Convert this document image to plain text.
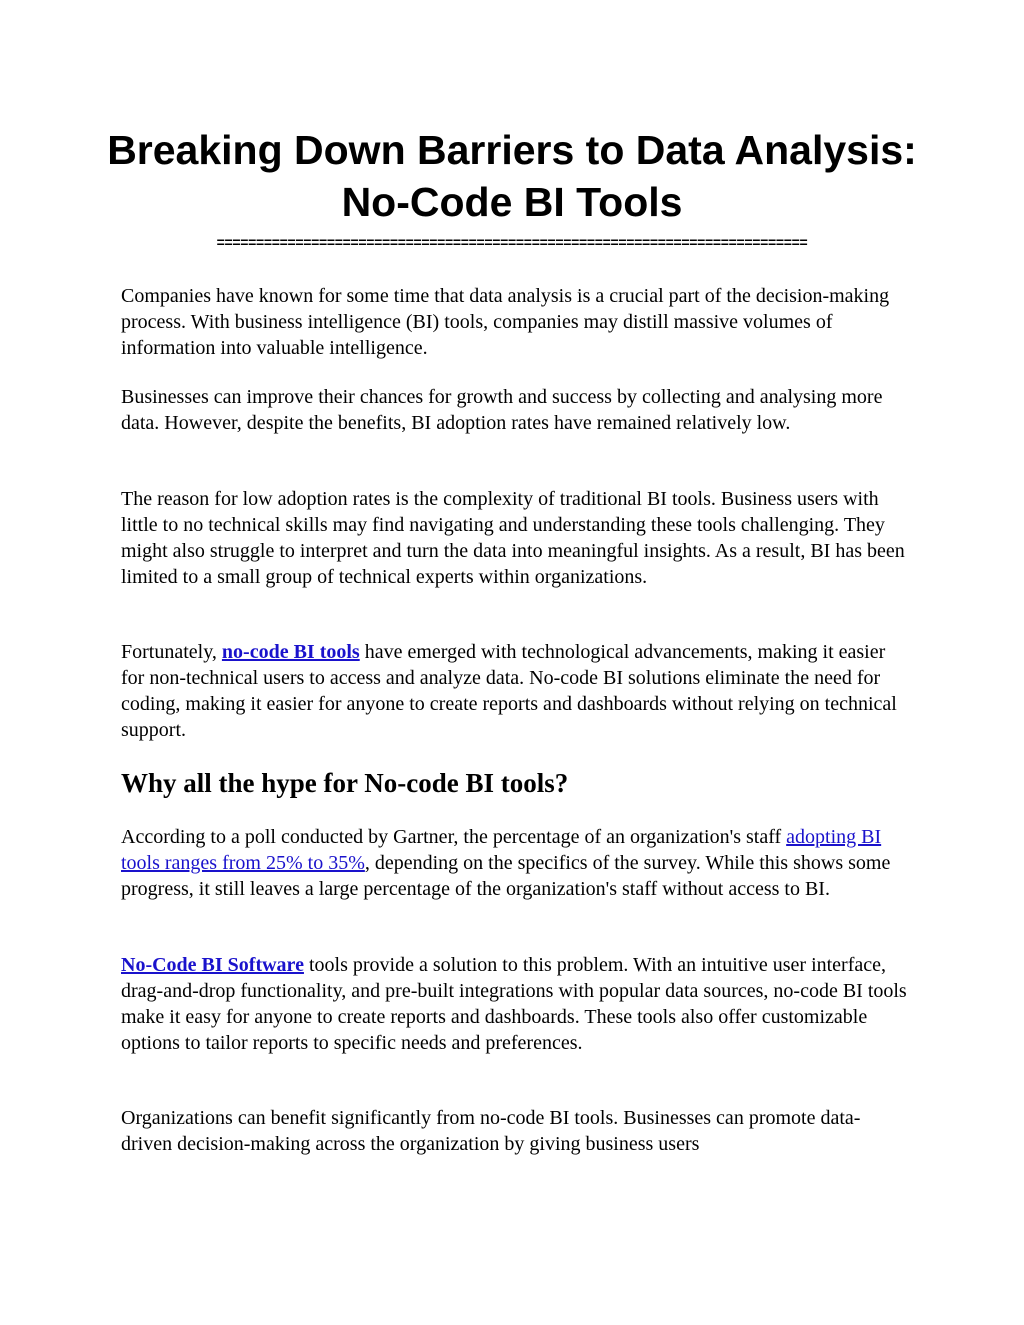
Breaking Down Barriers to Data Analysis: No-Code BI Tools
===========================================================================

Companies have known for some time that data analysis is a crucial part of the decision-making process. With business intelligence (BI) tools, companies may distill massive volumes of information into valuable intelligence.

Businesses can improve their chances for growth and success by collecting and analysing more data. However, despite the benefits, BI adoption rates have remained relatively low.

The reason for low adoption rates is the complexity of traditional BI tools. Business users with little to no technical skills may find navigating and understanding these tools challenging. They might also struggle to interpret and turn the data into meaningful insights. As a result, BI has been limited to a small group of technical experts within organizations.

Fortunately, no-code BI tools have emerged with technological advancements, making it easier for non-technical users to access and analyze data. No-code BI solutions eliminate the need for coding, making it easier for anyone to create reports and dashboards without relying on technical support.

Why all the hype for No-code BI tools?

According to a poll conducted by Gartner, the percentage of an organization's staff adopting BI tools ranges from 25% to 35%, depending on the specifics of the survey. While this shows some progress, it still leaves a large percentage of the organization's staff without access to BI.

No-Code BI Software tools provide a solution to this problem. With an intuitive user interface, drag-and-drop functionality, and pre-built integrations with popular data sources, no-code BI tools make it easy for anyone to create reports and dashboards. These tools also offer customizable options to tailor reports to specific needs and preferences.

Organizations can benefit significantly from no-code BI tools. Businesses can promote data-driven decision-making across the organization by giving business users
